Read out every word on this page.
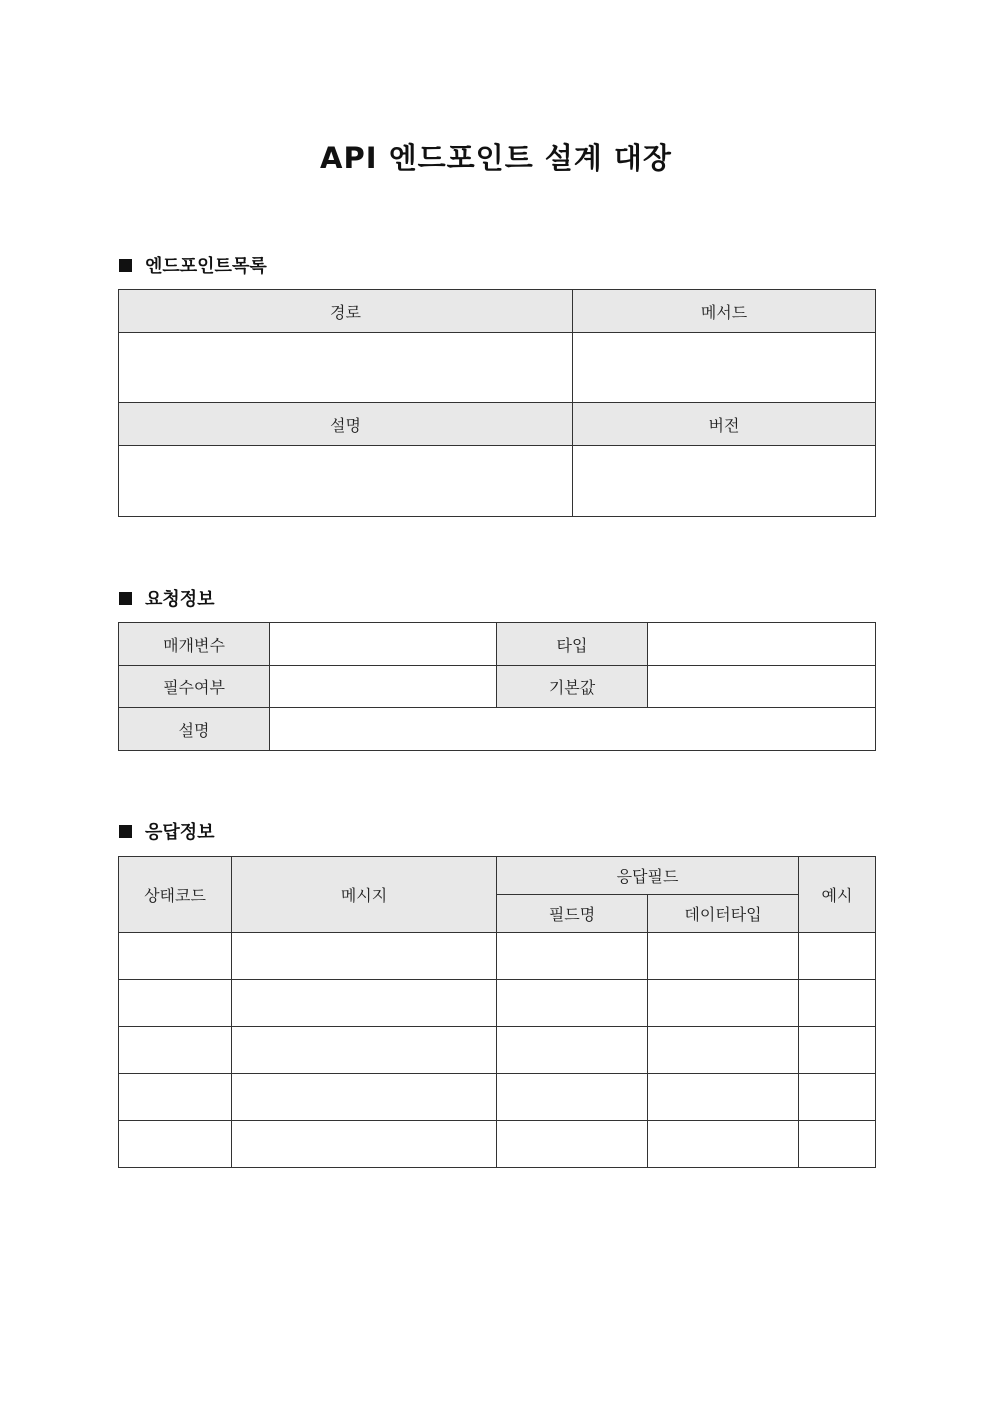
API 엔드포인트 설계 대장
엔드포인트목록
경로	메서드

설명	버전

요청정보
매개변수		타입	
필수여부		기본값	
설명			
응답정보
상태코드	메시지	응답필드		예시
		필드명	데이터타입	
